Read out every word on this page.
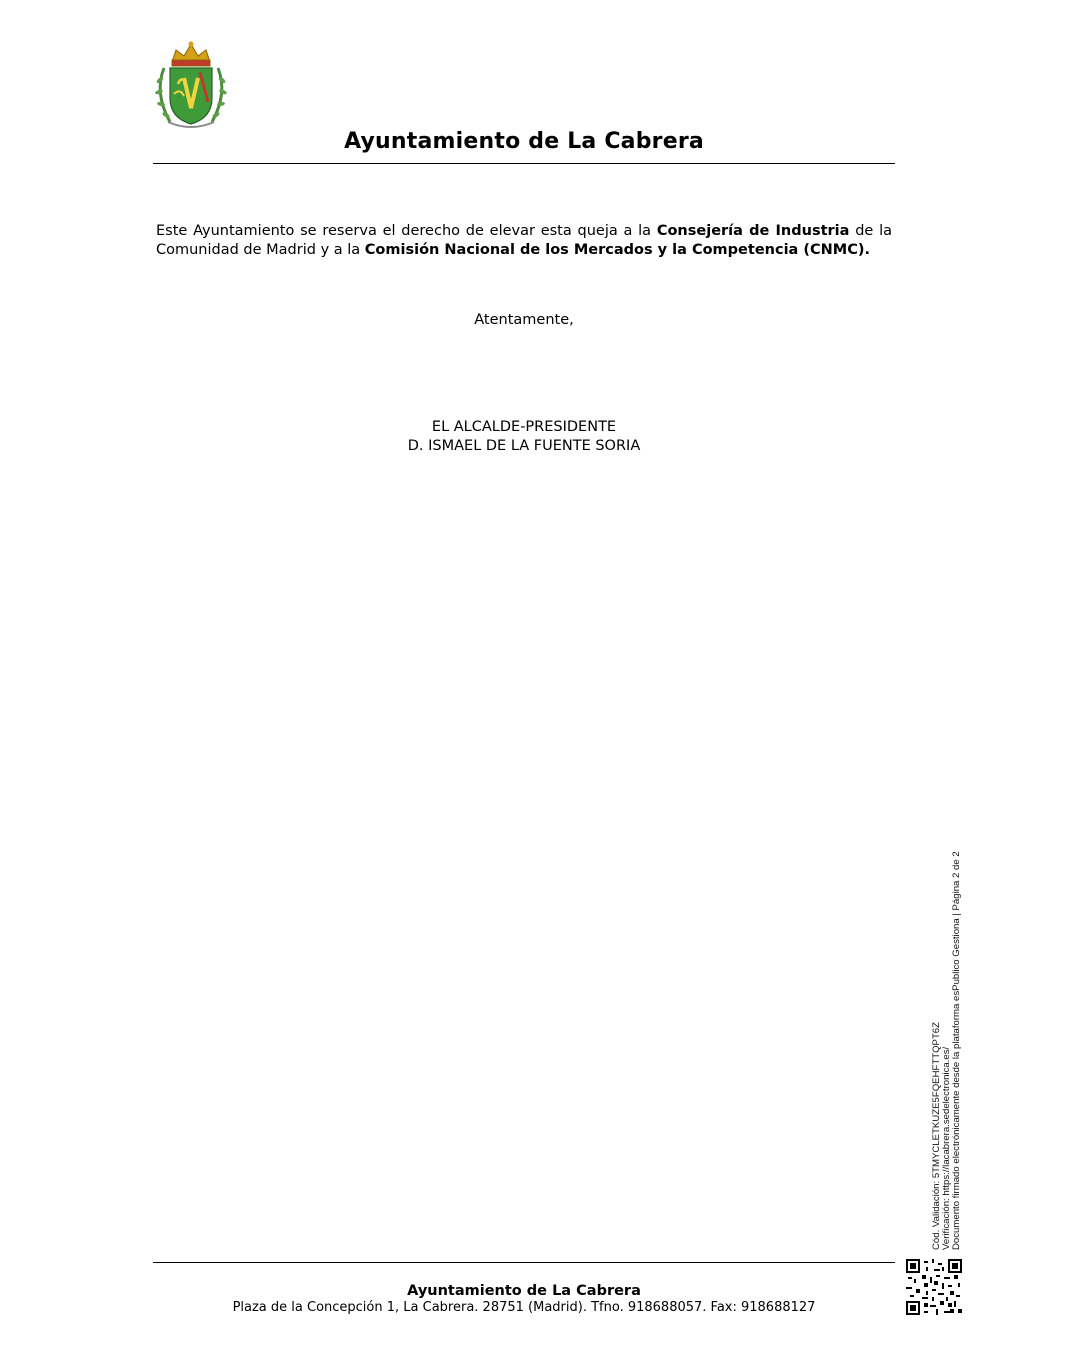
Ayuntamiento de La Cabrera
Este Ayuntamiento se reserva el derecho de elevar esta queja a la Consejería de Industria de la
Comunidad de Madrid y a la Comisión Nacional de los Mercados y la Competencia (CNMC).
Atentamente,
EL ALCALDE-PRESIDENTE
D. ISMAEL DE LA FUENTE SORIA
Cód. Validación: 5TMYCLETKUZE5FQEHFTTQPT6Z Verificación: https://lacabrera.sedelectronica.es/ Documento firmado electrónicamente desde la plataforma esPublico Gestiona | Página 2 de 2
Ayuntamiento de La Cabrera
Plaza de la Concepción 1, La Cabrera. 28751 (Madrid). Tfno. 918688057. Fax: 918688127
